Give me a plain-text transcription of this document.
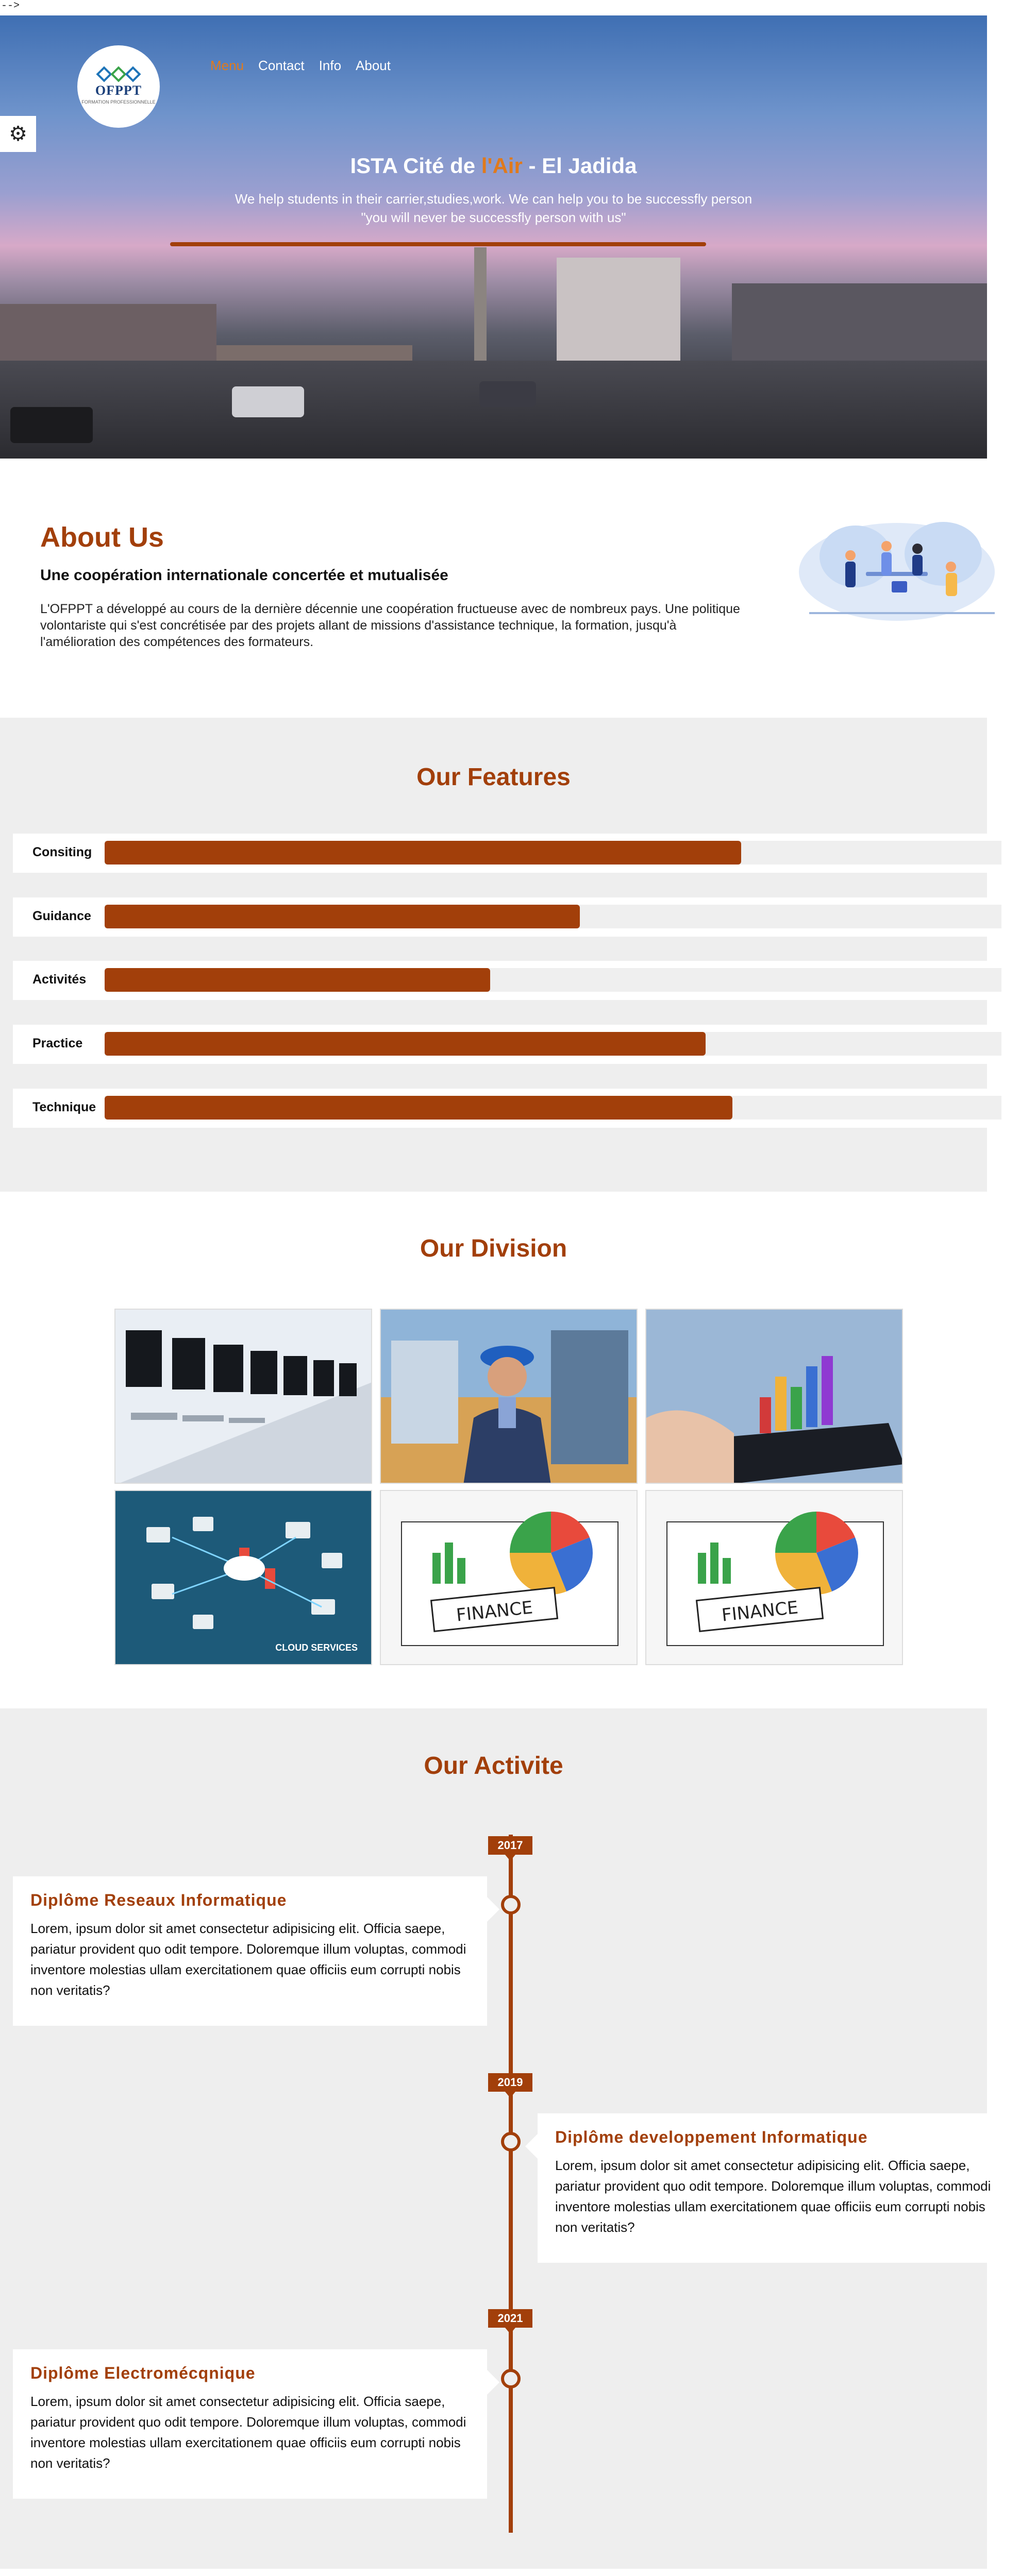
-->
OFPPT
FORMATION PROFESSIONNELLE
Menu Contact Info About
ISTA Cité de l'Air - El Jadida
We help students in their carrier,studies,work. We can help you to be successfly person
"you will never be successfly person with us"
⚙
About Us
Une coopération internationale concertée et mutualisée

L'OFPPT a développé au cours de la dernière décennie une coopération fructueuse avec de nombreux pays. Une politique volontariste qui s'est concrétisée par des projets allant de missions d'assistance technique, la formation, jusqu'à l'amélioration des compétences des formateurs.

Our Features
Consiting
Guidance
Activités
Practice
Technique
Our Division
CLOUD SERVICES
FINANCE	FINANCE
Our Activite
2017
Diplôme Reseaux Informatique

Lorem, ipsum dolor sit amet consectetur adipisicing elit. Officia saepe, pariatur provident quo odit tempore. Doloremque illum voluptas, commodi inventore molestias ullam exercitationem quae officiis eum corrupti nobis non veritatis?

2019
Diplôme developpement Informatique

Lorem, ipsum dolor sit amet consectetur adipisicing elit. Officia saepe, pariatur provident quo odit tempore. Doloremque illum voluptas, commodi inventore molestias ullam exercitationem quae officiis eum corrupti nobis non veritatis?

2021
Diplôme Electromécqnique

Lorem, ipsum dolor sit amet consectetur adipisicing elit. Officia saepe, pariatur provident quo odit tempore. Doloremque illum voluptas, commodi inventore molestias ullam exercitationem quae officiis eum corrupti nobis non veritatis?
